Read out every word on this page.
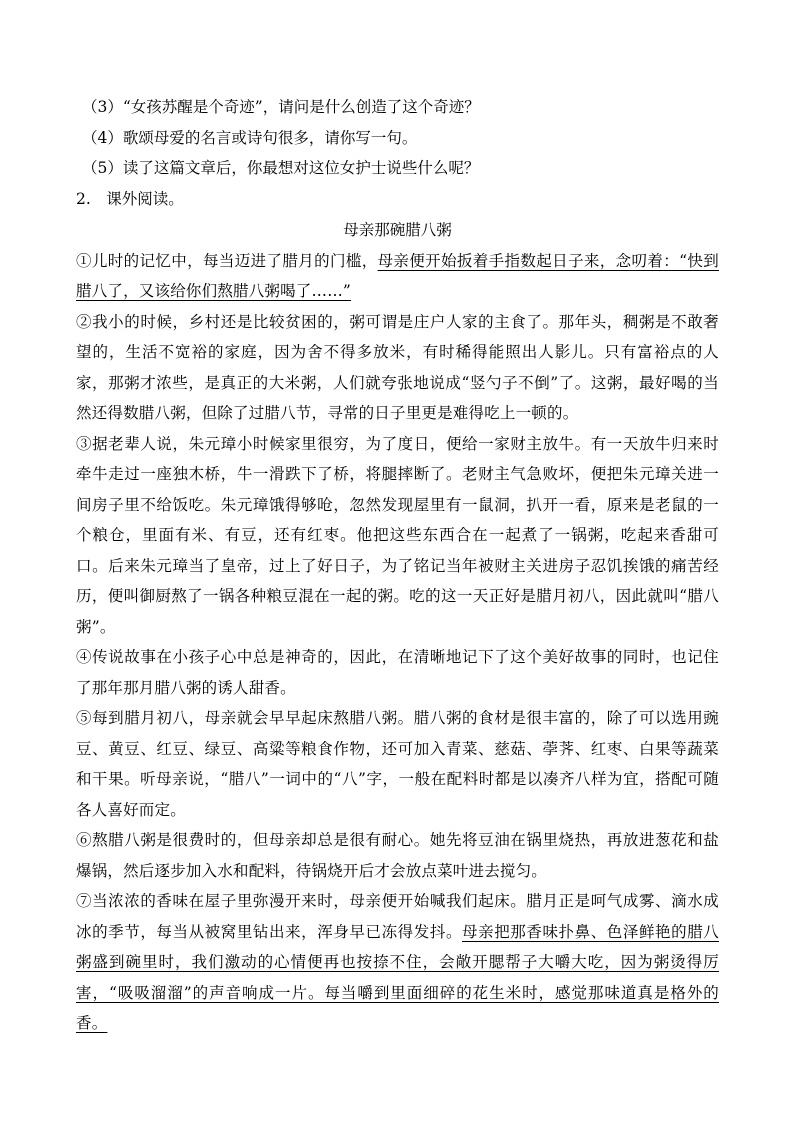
（3）“女孩苏醒是个奇迹”，请问是什么创造了这个奇迹？
（4）歌颂母爱的名言或诗句很多，请你写一句。
（5）读了这篇文章后，你最想对这位女护士说些什么呢？
2.　课外阅读。
母亲那碗腊八粥
①儿时的记忆中，每当迈进了腊月的门槛，母亲便开始扳着手指数起日子来，念叨着：“快到腊八了，又该给你们熬腊八粥喝了……”
②我小的时候，乡村还是比较贫困的，粥可谓是庄户人家的主食了。那年头，稠粥是不敢奢望的，生活不宽裕的家庭，因为舍不得多放米，有时稀得能照出人影儿。只有富裕点的人家，那粥才浓些，是真正的大米粥，人们就夸张地说成“竖勺子不倒”了。这粥，最好喝的当然还得数腊八粥，但除了过腊八节，寻常的日子里更是难得吃上一顿的。
③据老辈人说，朱元璋小时候家里很穷，为了度日，便给一家财主放牛。有一天放牛归来时牵牛走过一座独木桥，牛一滑跌下了桥，将腿摔断了。老财主气急败坏，便把朱元璋关进一间房子里不给饭吃。朱元璋饿得够呛，忽然发现屋里有一鼠洞，扒开一看，原来是老鼠的一个粮仓，里面有米、有豆，还有红枣。他把这些东西合在一起煮了一锅粥，吃起来香甜可口。后来朱元璋当了皇帝，过上了好日子，为了铭记当年被财主关进房子忍饥挨饿的痛苦经历，便叫御厨熬了一锅各种粮豆混在一起的粥。吃的这一天正好是腊月初八，因此就叫“腊八粥”。
④传说故事在小孩子心中总是神奇的，因此，在清晰地记下了这个美好故事的同时，也记住了那年那月腊八粥的诱人甜香。
⑤每到腊月初八，母亲就会早早起床熬腊八粥。腊八粥的食材是很丰富的，除了可以选用豌豆、黄豆、红豆、绿豆、高粱等粮食作物，还可加入青菜、慈菇、荸荠、红枣、白果等蔬菜和干果。听母亲说，“腊八”一词中的“八”字，一般在配料时都是以凑齐八样为宜，搭配可随各人喜好而定。
⑥熬腊八粥是很费时的，但母亲却总是很有耐心。她先将豆油在锅里烧热，再放进葱花和盐爆锅，然后逐步加入水和配料，待锅烧开后才会放点菜叶进去搅匀。
⑦当浓浓的香味在屋子里弥漫开来时，母亲便开始喊我们起床。腊月正是呵气成雾、滴水成冰的季节，每当从被窝里钻出来，浑身早已冻得发抖。母亲把那香味扑鼻、色泽鲜艳的腊八粥盛到碗里时，我们激动的心情便再也按捺不住，会敞开腮帮子大嚼大吃，因为粥烫得厉害，“吸吸溜溜”的声音响成一片。每当嚼到里面细碎的花生米时，感觉那味道真是格外的香。
